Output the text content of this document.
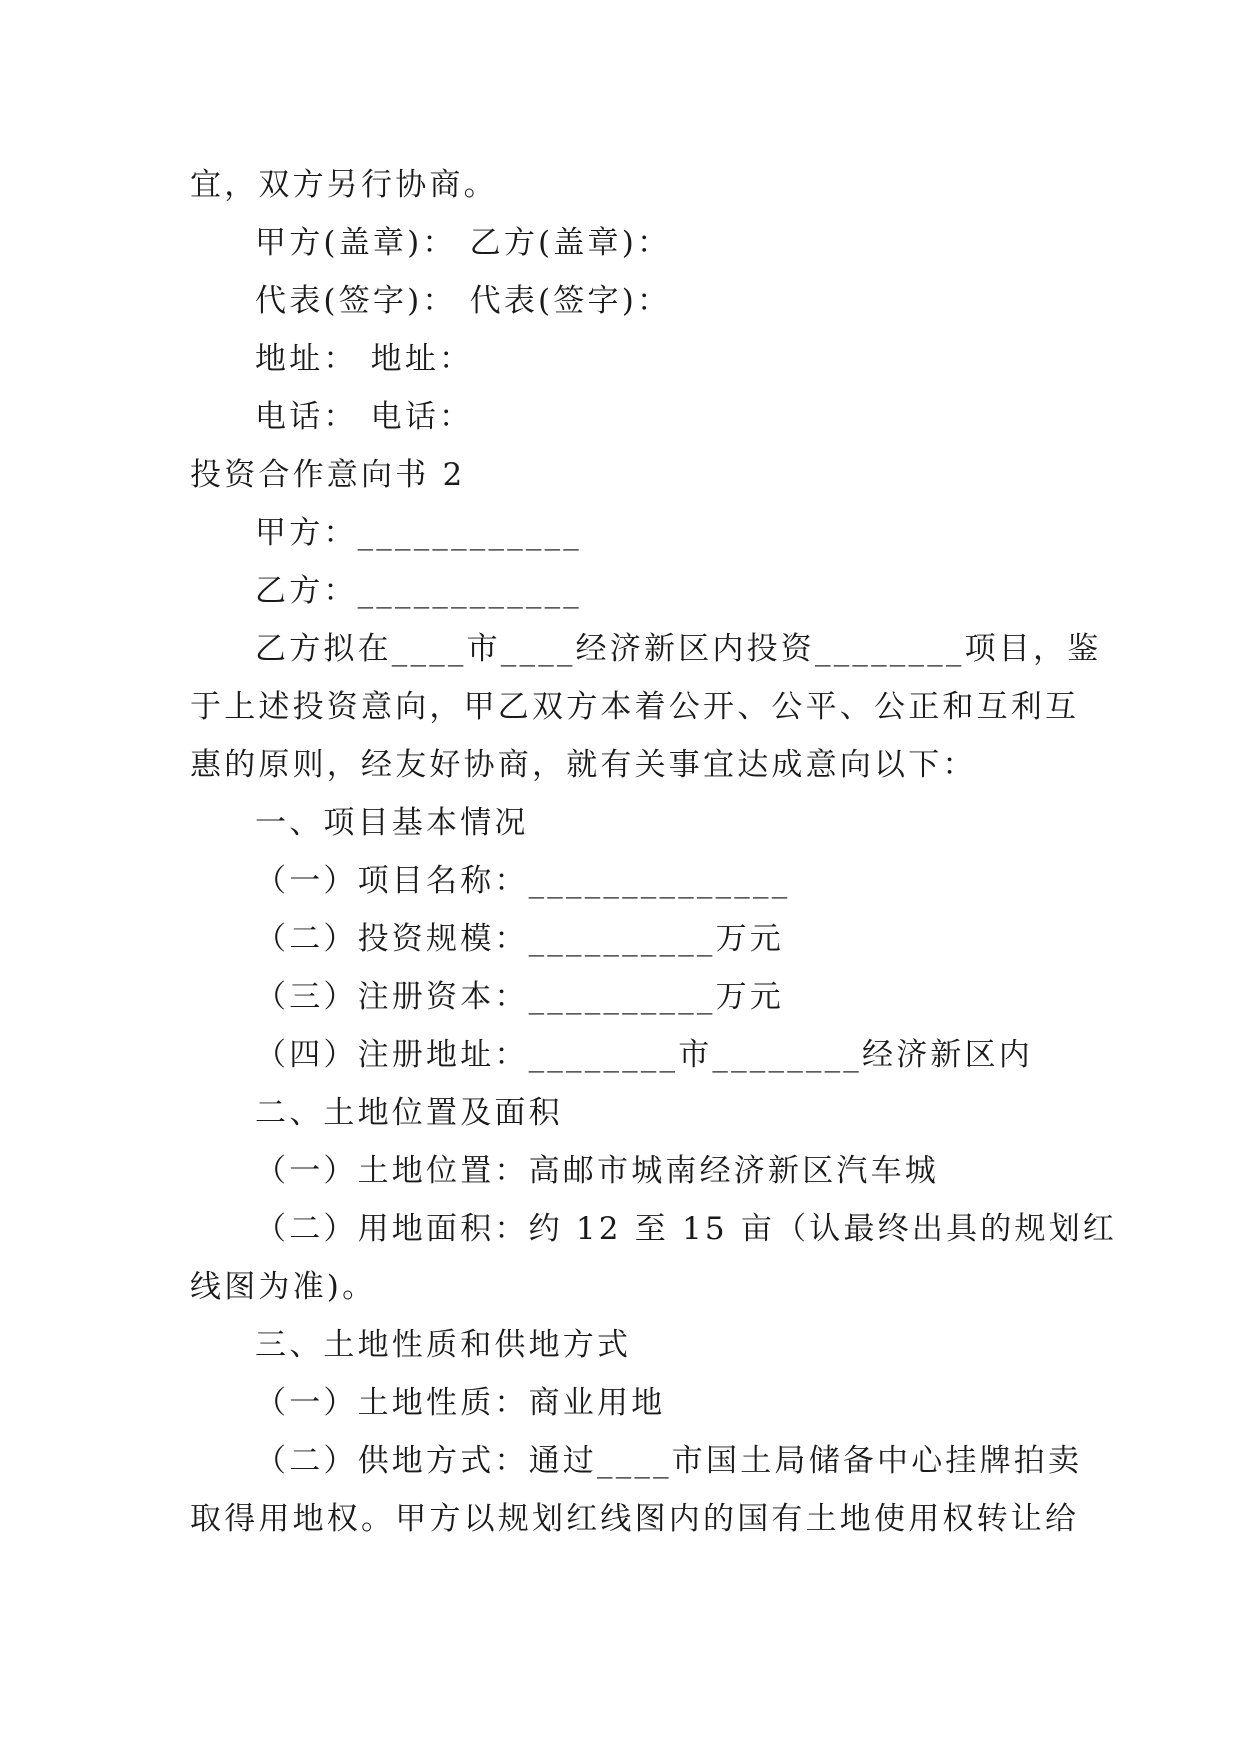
宜，双方另行协商。
甲方(盖章)： 乙方(盖章)：
代表(签字)： 代表(签字)：
地址： 地址：
电话： 电话：
投资合作意向书 2
甲方：____________
乙方：____________
乙方拟在____市____经济新区内投资________项目，鉴
于上述投资意向，甲乙双方本着公开、公平、公正和互利互
惠的原则，经友好协商，就有关事宜达成意向以下：
一、项目基本情况
（一）项目名称：______________
（二）投资规模：__________万元
（三）注册资本：__________万元
（四）注册地址：________市________经济新区内
二、土地位置及面积
（一）土地位置：高邮市城南经济新区汽车城
（二）用地面积：约 12 至 15 亩（认最终出具的规划红
线图为准)。
三、土地性质和供地方式
（一）土地性质：商业用地
（二）供地方式：通过____市国土局储备中心挂牌拍卖
取得用地权。甲方以规划红线图内的国有土地使用权转让给
